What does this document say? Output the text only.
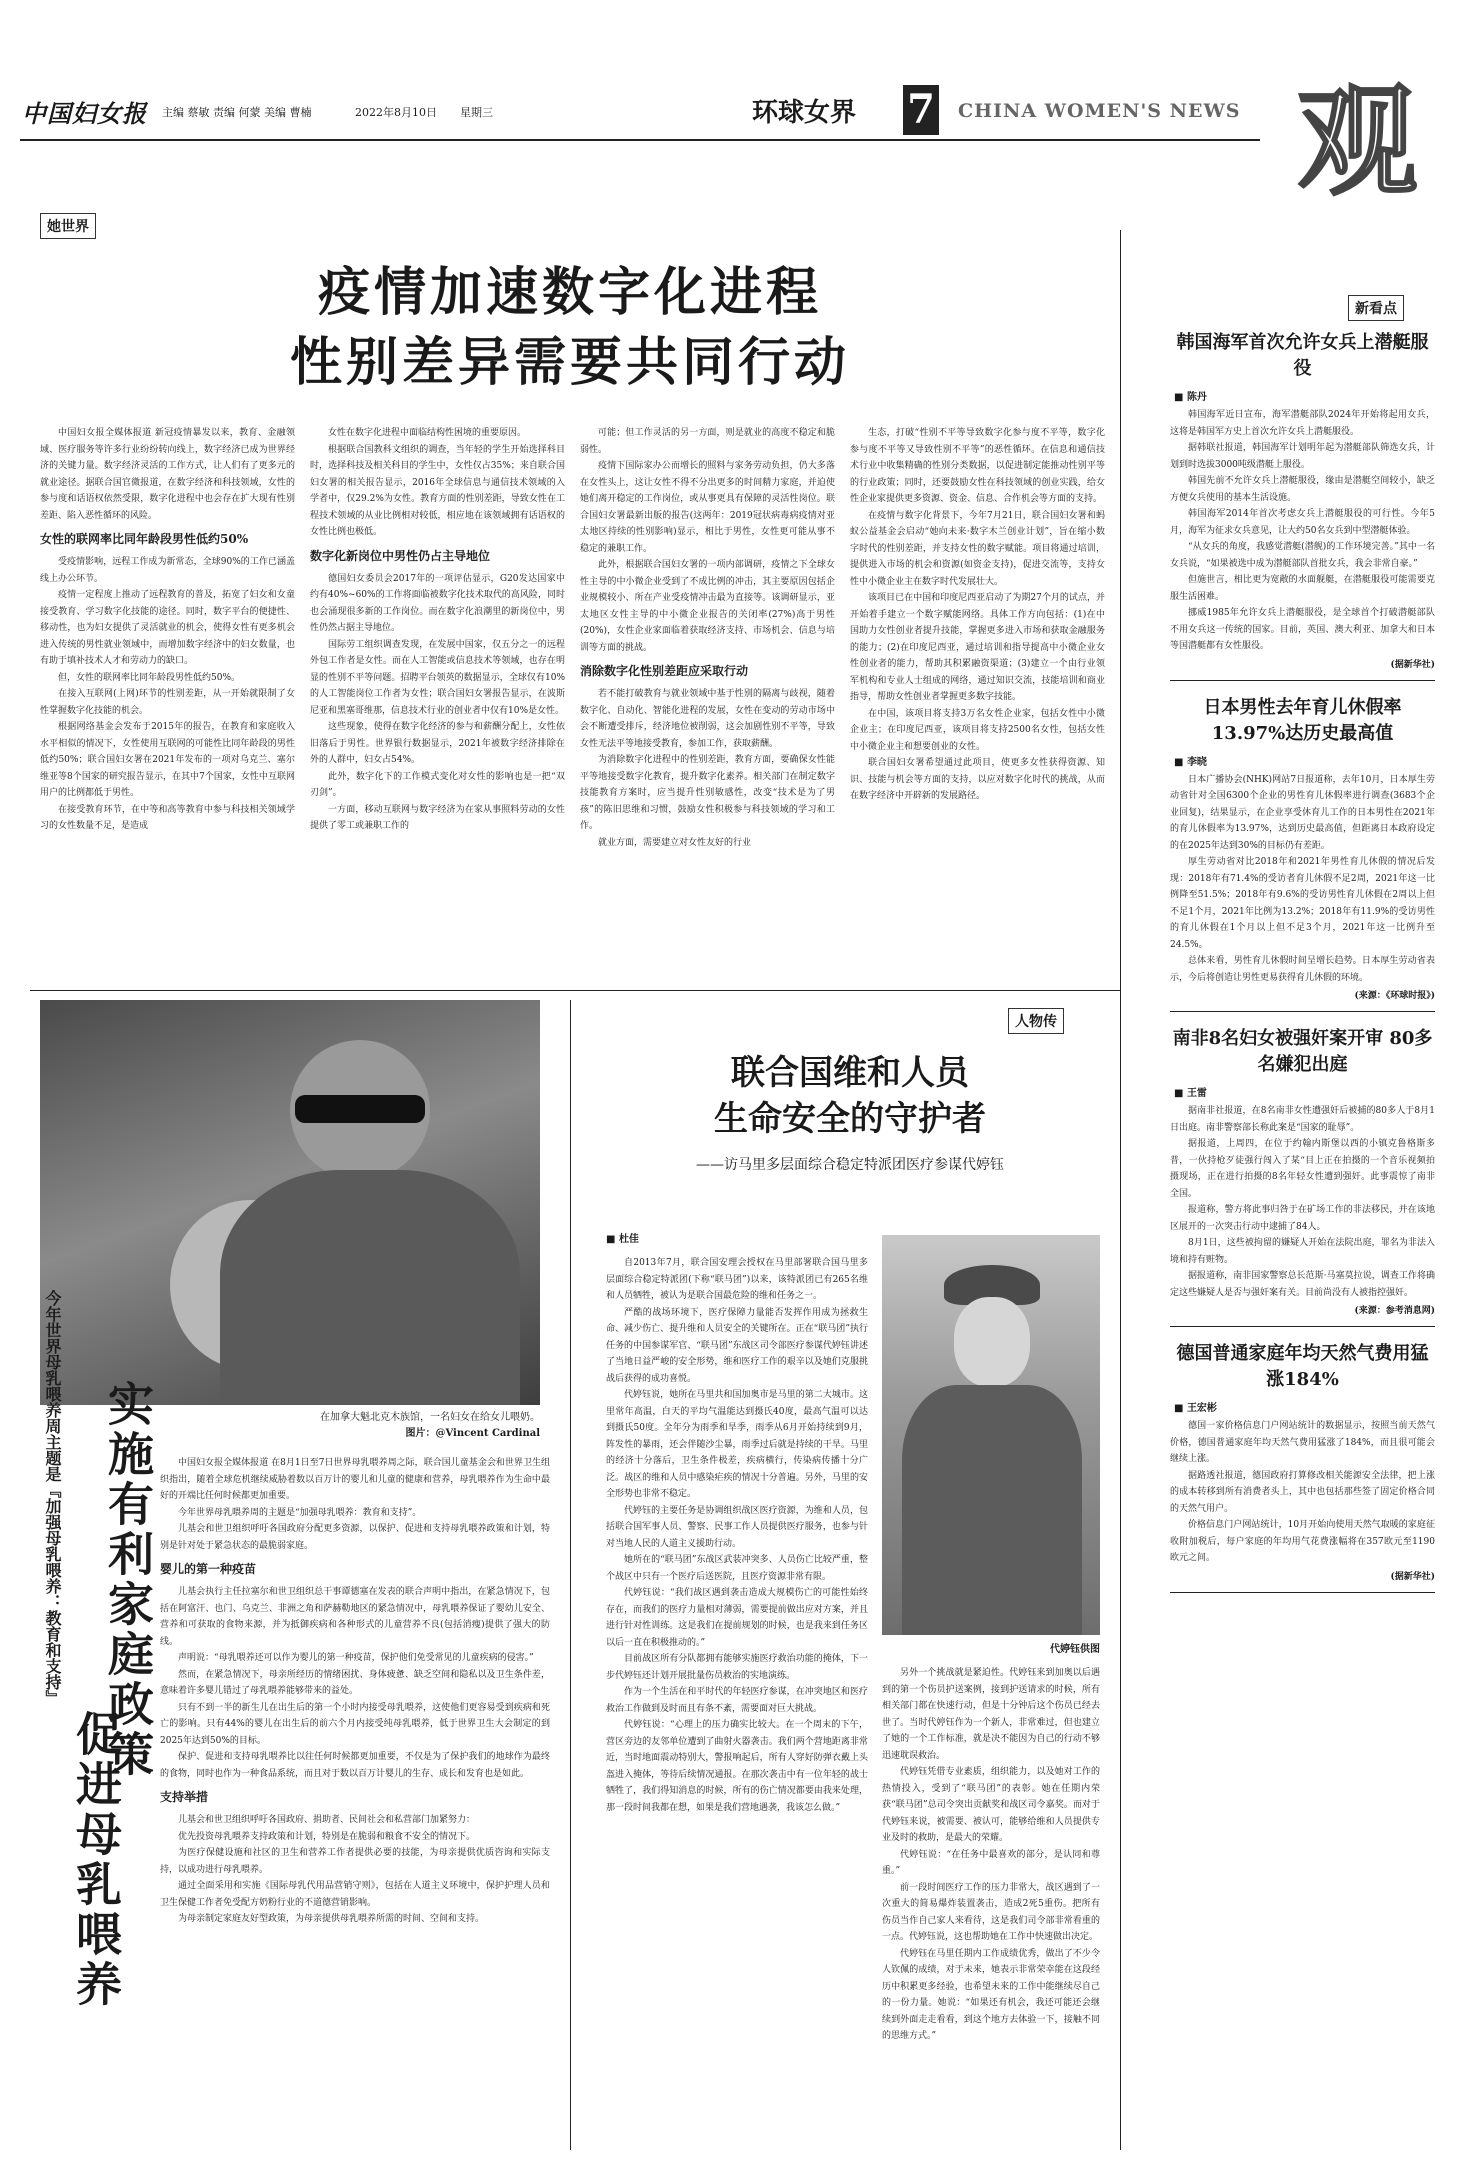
中国妇女报 主编 蔡敏 责编 何蒙 美编 曹楠	2022年8月10日 星期三	环球女界 7 CHINA WOMEN'S NEWS 观
她世界
疫情加速数字化进程
性别差异需要共同行动

中国妇女报全媒体报道 新冠疫情暴发以来，教育、金融领域、医疗服务等许多行业纷纷转向线上，数字经济已成为世界经济的关键力量。数字经济灵活的工作方式，让人们有了更多元的就业途径。据联合国官微报道，在数字经济和科技领域，女性的参与度和话语权依然受限，数字化进程中也会存在扩大现有性别差距、陷入恶性循环的风险。

女性的联网率比同年龄段男性低约50%

受疫情影响，远程工作成为新常态，全球90%的工作已涵盖线上办公环节。

疫情一定程度上推动了远程教育的普及，拓宽了妇女和女童接受教育、学习数字化技能的途径。同时，数字平台的便捷性、移动性，也为妇女提供了灵活就业的机会，使得女性有更多机会进入传统的男性就业领域中，而增加数字经济中的妇女数量，也有助于填补技术人才和劳动力的缺口。

但，女性的联网率比同年龄段男性低约50%。

在接入互联网(上网)环节的性别差距，从一开始就限制了女性掌握数字化技能的机会。

根据网络基金会发布于2015年的报告，在教育和家庭收入水平相似的情况下，女性使用互联网的可能性比同年龄段的男性低约50%；联合国妇女署在2021年发布的一项对乌克兰、塞尔维亚等8个国家的研究报告显示，在其中7个国家，女性中互联网用户的比例都低于男性。

在接受教育环节，在中等和高等教育中参与科技相关领域学习的女性数量不足，是造成

女性在数字化进程中面临结构性困境的重要原因。

根据联合国教科文组织的调查，当年轻的学生开始选择科目时，选择科技及相关科目的学生中，女性仅占35%；来自联合国妇女署的相关报告显示，2016年全球信息与通信技术领域的入学者中，仅29.2%为女性。教育方面的性别差距，导致女性在工程技术领域的从业比例相对较低，相应地在该领域拥有话语权的女性比例也极低。

数字化新岗位中男性仍占主导地位

德国妇女委员会2017年的一项评估显示，G20发达国家中约有40%~60%的工作将面临被数字化技术取代的高风险，同时也会涌现很多新的工作岗位。而在数字化浪潮里的新岗位中，男性仍然占据主导地位。

国际劳工组织调查发现，在发展中国家，仅五分之一的远程外包工作者是女性。而在人工智能或信息技术等领域，也存在明显的性别不平等问题。招聘平台领英的数据显示，全球仅有10%的人工智能岗位工作者为女性；联合国妇女署报告显示，在波斯尼亚和黑塞哥维那，信息技术行业的创业者中仅有10%是女性。

这些现象，使得在数字化经济的参与和薪酬分配上，女性依旧落后于男性。世界银行数据显示，2021年被数字经济排除在外的人群中，妇女占54%。

此外，数字化下的工作模式变化对女性的影响也是一把“双刃剑”。

一方面，移动互联网与数字经济为在家从事照料劳动的女性提供了零工或兼职工作的

可能；但工作灵活的另一方面，则是就业的高度不稳定和脆弱性。

疫情下国际家办公而增长的照料与家务劳动负担，仍大多落在女性头上，这让女性不得不分出更多的时间精力家庭，并迫使她们离开稳定的工作岗位，或从事更具有保障的灵活性岗位。联合国妇女署最新出版的报告(这两年：2019冠状病毒病疫情对亚太地区持续的性别影响)显示，相比于男性，女性更可能从事不稳定的兼职工作。

此外，根据联合国妇女署的一项内部调研，疫情之下全球女性主导的中小微企业受到了不成比例的冲击，其主要原因包括企业规模较小、所在产业受疫情冲击最为直接等。该调研显示，亚太地区女性主导的中小微企业报告的关闭率(27%)高于男性(20%)，女性企业家面临着获取经济支持、市场机会、信息与培训等方面的挑战。

消除数字化性别差距应采取行动

若不能打破教育与就业领域中基于性别的隔离与歧视，随着数字化、自动化、智能化进程的发展，女性在变动的劳动市场中会不断遭受排斥，经济地位被削弱，这会加剧性别不平等，导致女性无法平等地接受教育，参加工作，获取薪酬。

为消除数字化进程中的性别差距，教育方面，要确保女性能平等地接受数字化教育，提升数字化素养。相关部门在制定数字技能教育方案时，应当提升性别敏感性，改变“技术是为了男孩”的陈旧思维和习惯，鼓励女性积极参与科技领域的学习和工作。

就业方面，需要建立对女性友好的行业

生态，打破“性别不平等导致数字化参与度不平等，数字化参与度不平等又导致性别不平等”的恶性循环。在信息和通信技术行业中收集精确的性别分类数据，以促进制定能推动性别平等的行业政策；同时，还要鼓励女性在科技领域的创业实践，给女性企业家提供更多资源、资金、信息、合作机会等方面的支持。

在疫情与数字化背景下，今年7月21日，联合国妇女署和蚂蚁公益基金会启动“她向未来·数字木兰创业计划”，旨在缩小数字时代的性别差距，并支持女性的数字赋能。项目将通过培训，提供进入市场的机会和资源(如资金支持)，促进交流等，支持女性中小微企业主在数字时代发展壮大。

该项目已在中国和印度尼西亚启动了为期27个月的试点，并开始着手建立一个数字赋能网络。具体工作方向包括：(1)在中国助力女性创业者提升技能，掌握更多进入市场和获取金融服务的能力；(2)在印度尼西亚，通过培训和指导提高中小微企业女性创业者的能力，帮助其积累融资渠道；(3)建立一个由行业领军机构和专业人士组成的网络，通过知识交流，技能培训和商业指导，帮助女性创业者掌握更多数字技能。

在中国，该项目将支持3万名女性企业家，包括女性中小微企业主；在印度尼西亚，该项目将支持2500名女性，包括女性中小微企业主和想要创业的女性。

联合国妇女署希望通过此项目，使更多女性获得资源、知识、技能与机会等方面的支持，以应对数字化时代的挑战，从而在数字经济中开辟新的发展路径。

在加拿大魁北克木族馆，一名妇女在给女儿喂奶。
图片：@Vincent Cardinal
今年世界母乳喂养周主题是『加强母乳喂养：教育和支持』 实施有利家庭政策
促进母乳喂养

中国妇女报全媒体报道 在8月1日至7日世界母乳喂养周之际，联合国儿童基金会和世界卫生组织指出，随着全球危机继续威胁着数以百万计的婴儿和儿童的健康和营养，母乳喂养作为生命中最好的开端比任何时候都更加重要。

今年世界母乳喂养周的主题是“加强母乳喂养：教育和支持”。

儿基会和世卫组织呼吁各国政府分配更多资源，以保护、促进和支持母乳喂养政策和计划，特别是针对处于紧急状态的最脆弱家庭。

婴儿的第一种疫苗

儿基会执行主任拉塞尔和世卫组织总干事谭德塞在发表的联合声明中指出，在紧急情况下，包括在阿富汗、也门、乌克兰、非洲之角和萨赫勒地区的紧急情况中，母乳喂养保证了婴幼儿安全、营养和可获取的食物来源，并为抵御疾病和各种形式的儿童营养不良(包括消瘦)提供了强大的防线。

声明说：“母乳喂养还可以作为婴儿的第一种疫苗，保护他们免受常见的儿童疾病的侵害。”

然而，在紧急情况下，母亲所经历的情绪困扰、身体疲惫、缺乏空间和隐私以及卫生条件差，意味着许多婴儿错过了母乳喂养能够带来的益处。

只有不到一半的新生儿在出生后的第一个小时内接受母乳喂养，这使他们更容易受到疾病和死亡的影响。只有44%的婴儿在出生后的前六个月内接受纯母乳喂养，低于世界卫生大会制定的到2025年达到50%的目标。

保护、促进和支持母乳喂养比以往任何时候都更加重要，不仅是为了保护我们的地球作为最终的食物，同时也作为一种食品系统，而且对于数以百万计婴儿的生存、成长和发育也是如此。

支持举措

儿基会和世卫组织呼吁各国政府、捐助者、民间社会和私营部门加紧努力：

优先投资母乳喂养支持政策和计划，特别是在脆弱和粮食不安全的情况下。

为医疗保健设施和社区的卫生和营养工作者提供必要的技能，为母亲提供优质咨询和实际支持，以成功进行母乳喂养。

通过全面采用和实施《国际母乳代用品营销守则》，包括在人道主义环境中，保护护理人员和卫生保健工作者免受配方奶粉行业的不道德营销影响。

为母亲制定家庭友好型政策，为母亲提供母乳喂养所需的时间、空间和支持。

人物传
联合国维和人员
生命安全的守护者
——访马里多层面综合稳定特派团医疗参谋代婷钰
■ 杜佳

自2013年7月，联合国安理会授权在马里部署联合国马里多层面综合稳定特派团(下称“联马团”)以来，该特派团已有265名维和人员牺牲，被认为是联合国最危险的维和任务之一。

严酷的战场环境下，医疗保障力量能否发挥作用成为拯救生命、减少伤亡、提升维和人员安全的关键所在。正在“联马团”执行任务的中国参谋军官、“联马团”东战区司令部医疗参谋代婷钰讲述了当地日益严峻的安全形势，维和医疗工作的艰辛以及她们克服挑战后获得的成功喜悦。

代婷钰说，她所在马里共和国加奥市是马里的第二大城市。这里常年高温，白天的平均气温能达到摄氏40度，最高气温可以达到摄氏50度。全年分为雨季和旱季，雨季从6月开始持续到9月，阵发性的暴雨，还会伴随沙尘暴，雨季过后就是持续的干旱。马里的经济十分落后，卫生条件极差，疾病横行，传染病传播十分广泛。战区的维和人员中感染疟疾的情况十分普遍。另外，马里的安全形势也非常不稳定。

代婷钰的主要任务是协调组织战区医疗资源，为维和人员，包括联合国军事人员、警察、民事工作人员提供医疗服务，也参与针对当地人民的人道主义援助行动。

她所在的“联马团”东战区武装冲突多、人员伤亡比较严重，整个战区中只有一个医疗后送医院，且医疗资源非常有限。

代婷钰说：“我们战区遇到袭击造成大规模伤亡的可能性始终存在，而我们的医疗力量相对薄弱，需要提前做出应对方案，并且进行针对性训练。这是我们在提前规划的时候，也是我来到任务区以后一直在积极推动的。”

目前战区所有分队都拥有能够实施医疗救治功能的掩体，下一步代婷钰还计划开展批量伤员救治的实地演练。

作为一个生活在和平时代的年轻医疗参谋，在冲突地区和医疗救治工作做到及时而且有条不紊，需要面对巨大挑战。

代婷钰说：“心理上的压力确实比较大。在一个周末的下午，营区旁边的友邻单位遭到了曲射火器袭击。我们两个营地距离非常近，当时地面震动特别大，警报响起后，所有人穿好防弹衣戴上头盔进入掩体，等待后续情况通报。在那次袭击中有一位年轻的战士牺牲了，我们得知消息的时候，所有的伤亡情况都要由我来处理，那一段时间我都在想，如果是我们营地遇袭，我该怎么做。”

代婷钰供图

另外一个挑战就是紧迫性。代婷钰来到加奥以后遇到的第一个伤员护送案例，接到护送请求的时候，所有相关部门都在快速行动，但是十分钟后这个伤员已经去世了。当时代婷钰作为一个新人，非常难过，但也建立了她的一个工作标准，就是决不能因为自己的行动不够迅速耽误救治。

代婷钰凭借专业素质，组织能力，以及她对工作的热情投入，受到了“联马团”的表彰。她在任期内荣获“联马团”总司令突出贡献奖和战区司令嘉奖。而对于代婷钰来说，被需要、被认可，能够给维和人员提供专业及时的救助，是最大的荣耀。

代婷钰说：“在任务中最喜欢的部分，是认同和尊重。”

前一段时间医疗工作的压力非常大，战区遇到了一次重大的简易爆炸装置袭击，造成2死5重伤。把所有伤员当作自己家人来看待，这是我们司令部非常看重的一点。代婷钰说，这也帮助她在工作中快速做出决定。

代婷钰在马里任期内工作成绩优秀，做出了不少令人钦佩的成绩，对于未来，她表示非常荣幸能在这段经历中积累更多经验，也希望未来的工作中能继续尽自己的一份力量。她说：“如果还有机会，我还可能还会继续到外面走走看看，到这个地方去体验一下，接触不同的思维方式。”

新看点

韩国海军首次允许女兵上潜艇服役

■ 陈丹

韩国海军近日宣布，海军潜艇部队2024年开始将起用女兵，这将是韩国军方史上首次允许女兵上潜艇服役。

据韩联社报道，韩国海军计划明年起为潜艇部队筛选女兵，计划到时选拔3000吨级潜艇上服役。

韩国先前不允许女兵上潜艇服役，缘由是潜艇空间较小，缺乏方便女兵使用的基本生活设施。

韩国海军2014年首次考虑女兵上潜艇服役的可行性。今年5月，海军为征求女兵意见，让大约50名女兵到中型潜艇体验。

“从女兵的角度，我感觉潜艇(潜舰)的工作环境完善。”其中一名女兵说，“如果被选中成为潜艇部队首批女兵，我会非常自豪。”

但施世言，相比更为宽敞的水面舰艇，在潜艇服役可能需要克服生活困难。

挪威1985年允许女兵上潜艇服役，是全球首个打破潜艇部队不用女兵这一传统的国家。目前，英国、澳大利亚、加拿大和日本等国潜艇都有女性服役。

(据新华社)

日本男性去年育儿休假率13.97%达历史最高值

■ 李晓

日本广播协会(NHK)网站7日报道称，去年10月，日本厚生劳动省针对全国6300个企业的男性育儿休假率进行调查(3683个企业回复)，结果显示，在企业享受休育儿工作的日本男性在2021年的育儿休假率为13.97%，达到历史最高值，但距离日本政府设定的在2025年达到30%的目标仍有差距。

厚生劳动省对比2018年和2021年男性育儿休假的情况后发现：2018年有71.4%的受访者育儿休假不足2周，2021年这一比例降至51.5%；2018年有9.6%的受访男性育儿休假在2周以上但不足1个月，2021年比例为13.2%；2018年有11.9%的受访男性的育儿休假在1个月以上但不足3个月，2021年这一比例升至24.5%。

总体来看，男性育儿休假时间呈增长趋势。日本厚生劳动省表示，今后将创造让男性更易获得育儿休假的环境。

(来源：《环球时报》)

南非8名妇女被强奸案开审 80多名嫌犯出庭

■ 王雷

据南非社报道，在8名南非女性遭强奸后被捕的80多人于8月1日出庭。南非警察部长称此案是“国家的耻辱”。

据报道，上周四，在位于约翰内斯堡以西的小镇克鲁格斯多普，一伙持枪歹徒强行闯入了某“目上正在拍摄的一个音乐视频拍摄现场，正在进行拍摄的8名年轻女性遭到强奸。此事震惊了南非全国。

报道称，警方将此事归咎于在矿场工作的非法移民，并在该地区展开的一次突击行动中逮捕了84人。

8月1日，这些被拘留的嫌疑人开始在法院出庭，罪名为非法入境和持有赃物。

据报道称，南非国家警察总长范斯·马塞莫拉说，调查工作将确定这些嫌疑人是否与强奸案有关。目前尚没有人被指控强奸。

(来源：参考消息网)

德国普通家庭年均天然气费用猛涨184%

■ 王宏彬

德国一家价格信息门户网站统计的数据显示，按照当前天然气价格，德国普通家庭年均天然气费用猛涨了184%，而且很可能会继续上涨。

据路透社报道，德国政府打算修改相关能源安全法律，把上涨的成本转移到所有消费者头上，其中也包括那些签了固定价格合同的天然气用户。

价格信息门户网站统计，10月开始向使用天然气取暖的家庭征收附加税后，每户家庭的年均用气花费涨幅将在357欧元至1190欧元之间。

(据新华社)
